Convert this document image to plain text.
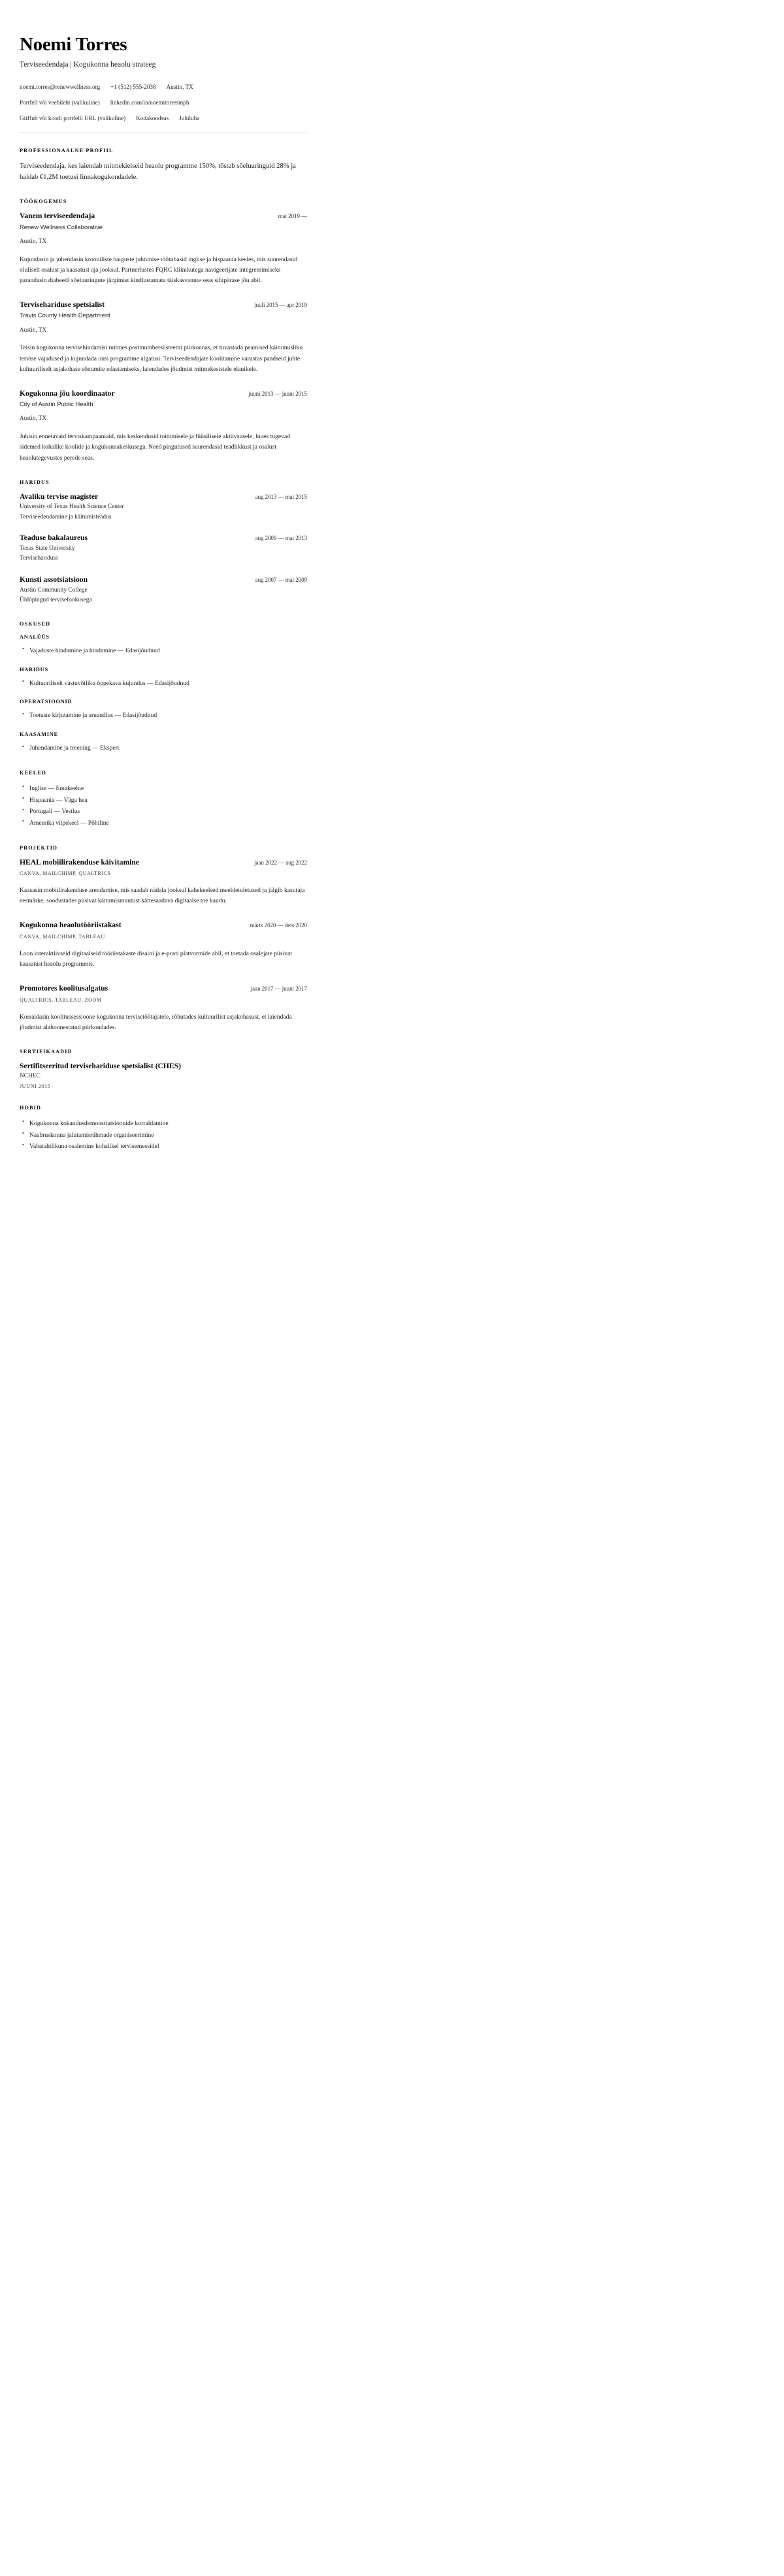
Noemi Torres
Terviseedendaja | Kogukonna heaolu strateeg
noemi.torres@renewwellness.org +1 (512) 555-2038 Austin, TX
Portfell või veebileht (valikuline) linkedin.com/in/noemitorresmph
GitHub või koodi portfelli URL (valikuline) Kodakondsus Juhiluba
PROFESSIONAALNE PROFIIL

Terviseedendaja, kes laiendab mitmekielseid heaolu programme 150%, tõstab sõeluuringuid 28% ja haldab €1,2M toetusi linnakogukondadele.

TÖÖKOGEMUS
Vanem terviseedendaja	mai 2019 —
Renew Wellness Collaborative
Austin, TX
Kujundasin ja juhendasin krooniliste haiguste juhtimise töötubasid inglise ja hispaania keeles, mis suurendasid oluliselt osalust ja kaasatust aja jooksul. Partnerlustes FQHC kliinikutega navigeerijate integreerimiseks parandasin diabeedi sõeluuringute järgimist kindlustamata täiskasvanute seas sihipärase jõu abil.
Tervisehariduse spetsialist	juuli 2015 — apr 2019
Travis County Health Department
Austin, TX
Teisin kogukonna tervisehindamisi mitmes postinumbersüsteemi piirkonnas, et tuvastada peamised käitumusliku tervise vajadused ja kujundada uusi programme algatusi. Terviseedendajate koolitamine varustas pandseid juhte kultuuriliselt asjakohase sõnumite edastamiseks, laiendades jõudmist mitmekesistele elanikele.
Kogukonna jõu koordinaator	juuni 2013 — juuni 2015
City of Austin Public Health
Austin, TX
Juhisin ennetavaid terviskampaaniaid, mis keskendusid toitumisele ja füüsilisele aktiivsusele, luues tugevad sidemed kohalike koolide ja kogukonnakeskusega. Need pingutused suurendasid teadlikkust ja osalust heaolutegevustes perede seas.
HARIDUS
Avaliku tervise magister	aug 2013 — mai 2015
University of Texas Health Science Center
Terviseedendamine ja käitumisteadus
Teaduse bakalaureus	aug 2009 — mai 2013
Texas State University
Tervisehariduss
Kunsti assotsiatsioon	aug 2007 — mai 2009
Austin Community College
Üldõpingud tervisefookusega
OSKUSED
ANALÜÜS
• Vajaduste hindamine ja hindamine — Edasijõudnud
HARIDUS
• Kultuuriliselt vastuvõtliku õppekava kujundus — Edasijõudnud
OPERATSIOONID
• Toetuste kirjutamine ja aruandlus — Edasijõudnud
KAASAMINE
• Juhendamine ja treening — Ekspert
KEELED
• Inglise — Emakeelne
• Hispaania — Väga hea
• Portugali — Vestlus
• Ameerika viipekeel — Põhiline
PROJEKTID
HEAL mobiilirakenduse käivitamine	jaan 2022 — aug 2022
CANVA, MAILCHIMP, QUALTRICS
Kaasasin mobiilirakenduse arendamise, mis saadab nädala jooksul kahekeelsed meeldetuletused ja jälgib kasutaja eesmärke, soodustades püsivat käitumismuutust kättesaadava digitaalse toe kaudu.
Kogukonna heaolutööriistakast	märts 2020 — dets 2020
CANVA, MAILCHIMP, TABLEAU
Loon interaktiivseid digitaalseid tööriistakaste disaini ja e-posti platvormide abil, et toetada osalejate püsivat kaasatust heaolu programmis.
Promotores koolitusalgatus	jaan 2017 — juuni 2017
QUALTRICS, TABLEAU, ZOOM
Korraldasin koolitussessioone kogukonna tervisetöötajatele, rõhutades kultuurilist asjakohasust, et laiendada jõudmist alahoonestatud piirkondades.
SERTIFIKAADID
Sertifitseeritud tervisehariduse spetsialist (CHES)
NCHEC
JUUNI 2015
HOBID
• Kogukonna kokandusdemonstratsioonide korraldamine
• Naabruskonna jalutamisrühmade organiseerimine
• Vabatahtlikuna osalemine kohalikel tervisemessidel
